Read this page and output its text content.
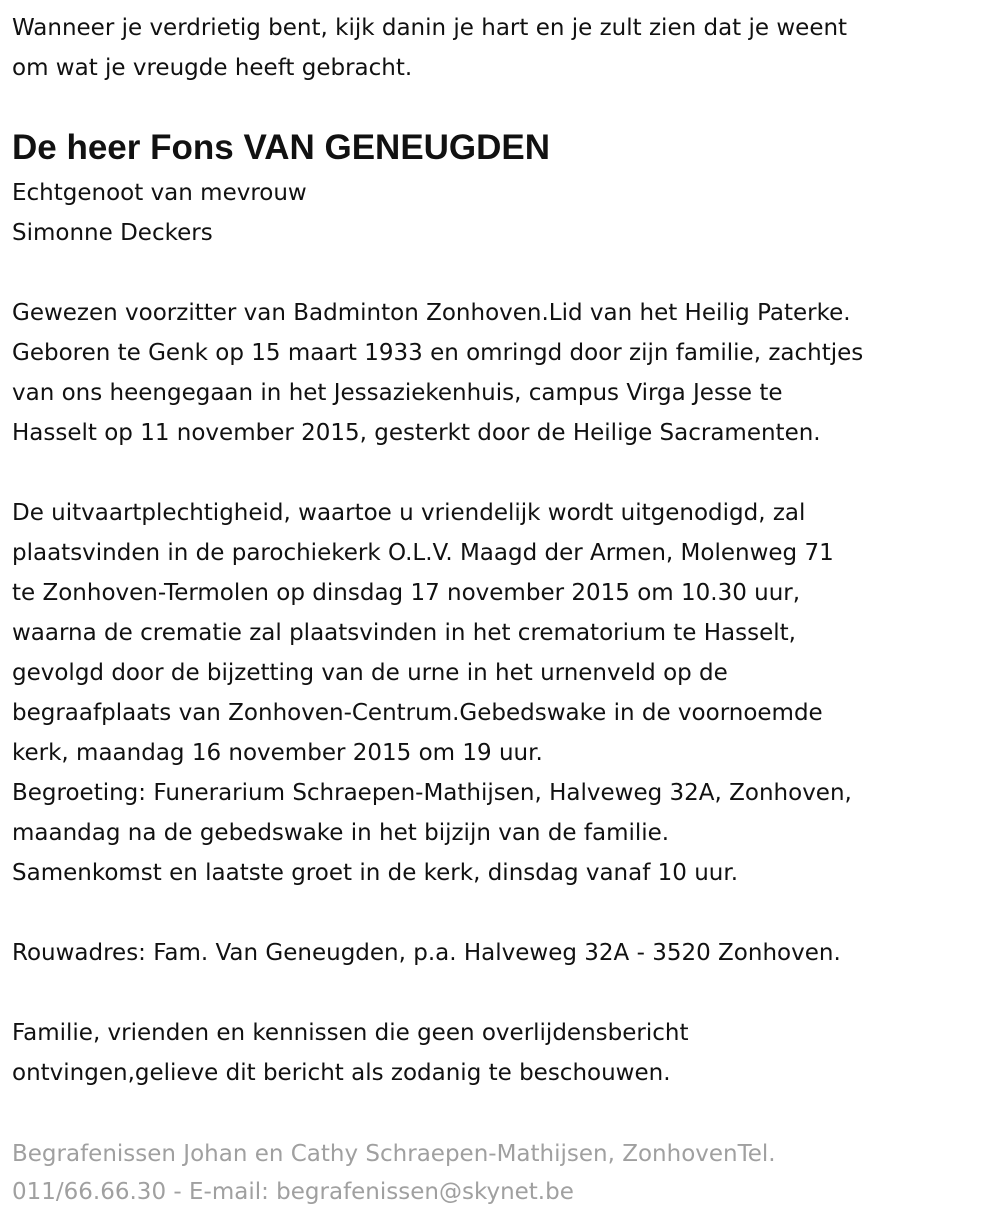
Wanneer je verdrietig bent, kijk danin je hart en je zult zien dat je weent
om wat je vreugde heeft gebracht.
De heer Fons VAN GENEUGDEN
Echtgenoot van mevrouw
Simonne Deckers
Gewezen voorzitter van Badminton Zonhoven.Lid van het Heilig Paterke.
Geboren te Genk op 15 maart 1933 en omringd door zijn familie, zachtjes
van ons heengegaan in het Jessaziekenhuis, campus Virga Jesse te
Hasselt op 11 november 2015, gesterkt door de Heilige Sacramenten.
De uitvaartplechtigheid, waartoe u vriendelijk wordt uitgenodigd, zal
plaatsvinden in de parochiekerk O.L.V. Maagd der Armen, Molenweg 71
te Zonhoven-Termolen op dinsdag 17 november 2015 om 10.30 uur,
waarna de crematie zal plaatsvinden in het crematorium te Hasselt,
gevolgd door de bijzetting van de urne in het urnenveld op de
begraafplaats van Zonhoven-Centrum.Gebedswake in de voornoemde
kerk, maandag 16 november 2015 om 19 uur.
Begroeting: Funerarium Schraepen-Mathijsen, Halveweg 32A, Zonhoven,
maandag na de gebedswake in het bijzijn van de familie.
Samenkomst en laatste groet in de kerk, dinsdag vanaf 10 uur.
Rouwadres: Fam. Van Geneugden, p.a. Halveweg 32A - 3520 Zonhoven.
Familie, vrienden en kennissen die geen overlijdensbericht
ontvingen,gelieve dit bericht als zodanig te beschouwen.
Begrafenissen Johan en Cathy Schraepen-Mathijsen, ZonhovenTel.
011/66.66.30 - E-mail: begrafenissen@skynet.be
